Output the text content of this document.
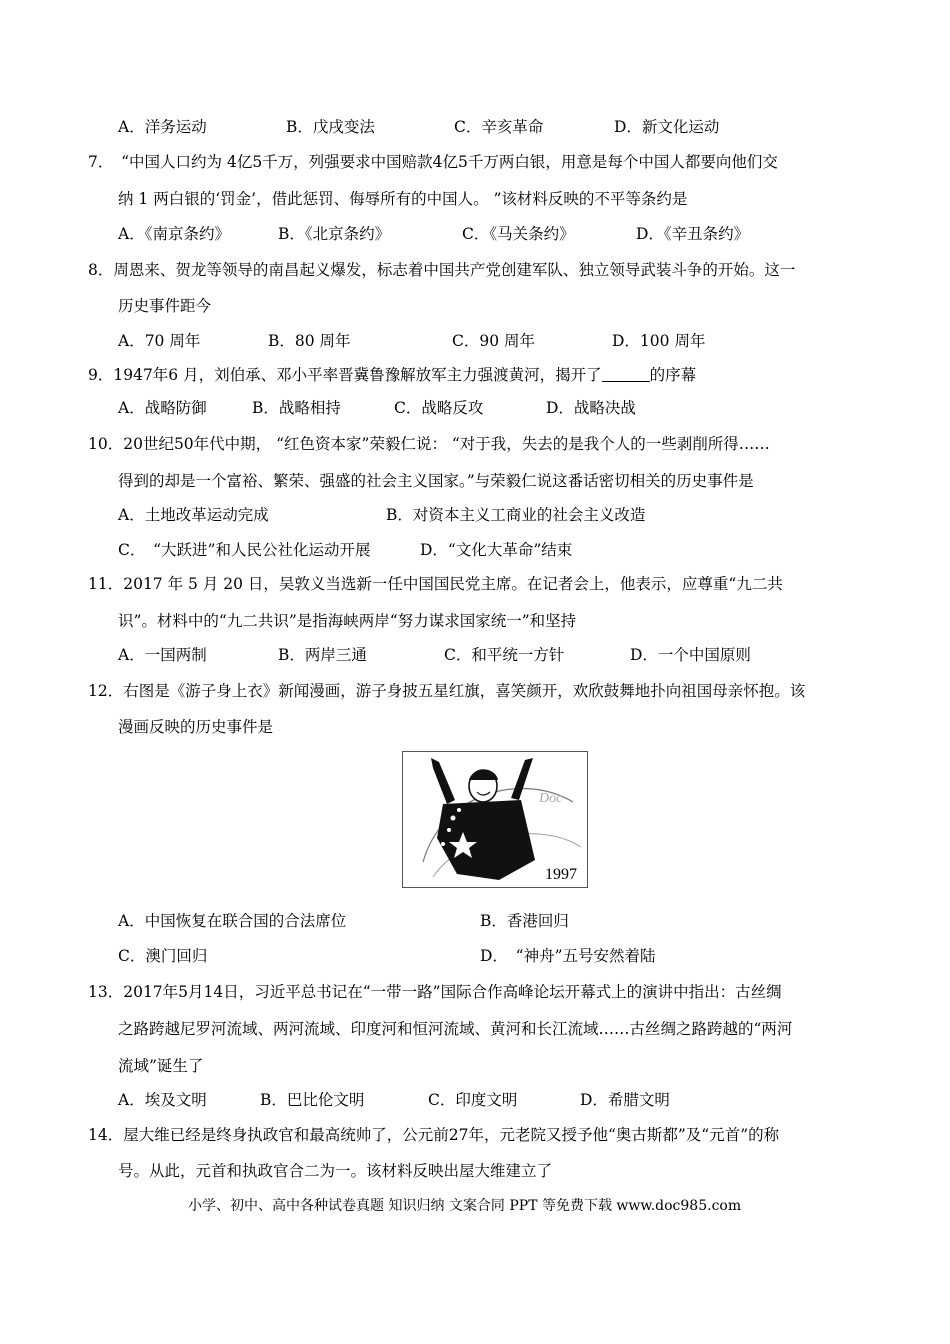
A．洋务运动	B．戊戌变法	C．辛亥革命	D．新文化运动
7．　“中国人口约为 4亿5千万，列强要求中国赔款4亿5千万两白银，用意是每个中国人都要向他们交
纳 1 两白银的‘罚金’，借此惩罚、侮辱所有的中国人。 ”该材料反映的不平等条约是
A．《南京条约》	B．《北京条约》	C．《马关条约》	D．《辛丑条约》
8．周恩来、贺龙等领导的南昌起义爆发，标志着中国共产党创建军队、独立领导武装斗争的开始。这一
历史事件距今
A．70 周年	B．80 周年	C．90 周年	D．100 周年
9．1947年6 月，刘伯承、邓小平率晋冀鲁豫解放军主力强渡黄河，揭开了	的序幕
A．战略防御	B．战略相持	C．战略反攻	D．战略决战
10．20世纪50年代中期， “红色资本家”荣毅仁说： “对于我，失去的是我个人的一些剥削所得……
得到的却是一个富裕、繁荣、强盛的社会主义国家。”与荣毅仁说这番话密切相关的历史事件是
A．土地改革运动完成	B．对资本主义工商业的社会主义改造
C．　“大跃进”和人民公社化运动开展	D．“文化大革命”结束
11．2017 年 5 月 20 日，吴敦义当选新一任中国国民党主席。在记者会上，他表示，应尊重“九二共
识”。材料中的“九二共识”是指海峡两岸“努力谋求国家统一”和坚持
A．一国两制	B．两岸三通	C．和平统一方针	D．一个中国原则
12．右图是《游子身上衣》新闻漫画，游子身披五星红旗，喜笑颜开，欢欣鼓舞地扑向祖国母亲怀抱。该
漫画反映的历史事件是
Doc
1997
A．中国恢复在联合国的合法席位	B．香港回归
C．澳门回归	D．　“神舟”五号安然着陆
13．2017年5月14日，习近平总书记在“一带一路”国际合作高峰论坛开幕式上的演讲中指出：古丝绸
之路跨越尼罗河流域、两河流域、印度河和恒河流域、黄河和长江流域……古丝绸之路跨越的“两河
流域”诞生了
A．埃及文明	B．巴比伦文明	C．印度文明	D．希腊文明
14．屋大维已经是终身执政官和最高统帅了，公元前27年，元老院又授予他“奥古斯都”及“元首”的称
号。从此，元首和执政官合二为一。该材料反映出屋大维建立了
小学、初中、高中各种试卷真题 知识归纳 文案合同 PPT 等免费下载 www.doc985.com
